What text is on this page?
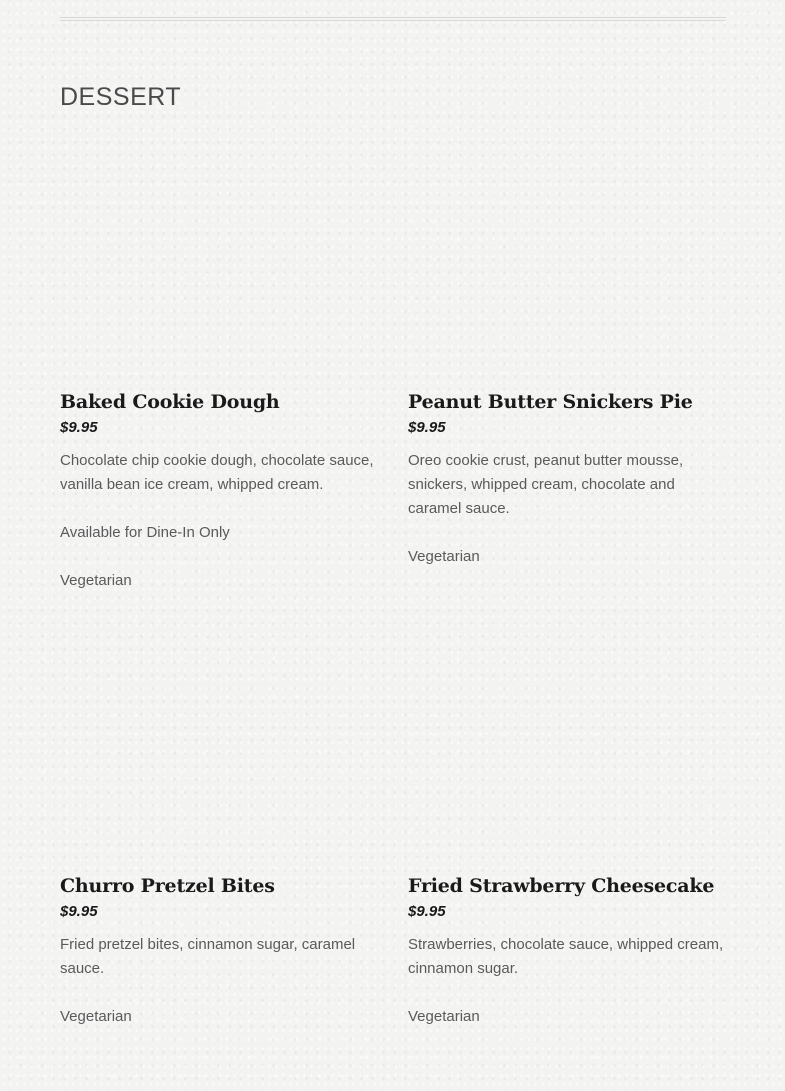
DESSERT
Baked Cookie Dough
$9.95

Chocolate chip cookie dough, chocolate sauce, vanilla bean ice cream, whipped cream.

Available for Dine-In Only

Vegetarian

Peanut Butter Snickers Pie
$9.95

Oreo cookie crust, peanut butter mousse, snickers, whipped cream, chocolate and caramel sauce.

Vegetarian

Churro Pretzel Bites
$9.95

Fried pretzel bites, cinnamon sugar, caramel sauce.

Vegetarian

Fried Strawberry Cheesecake
$9.95

Strawberries, chocolate sauce, whipped cream, cinnamon sugar.

Vegetarian
